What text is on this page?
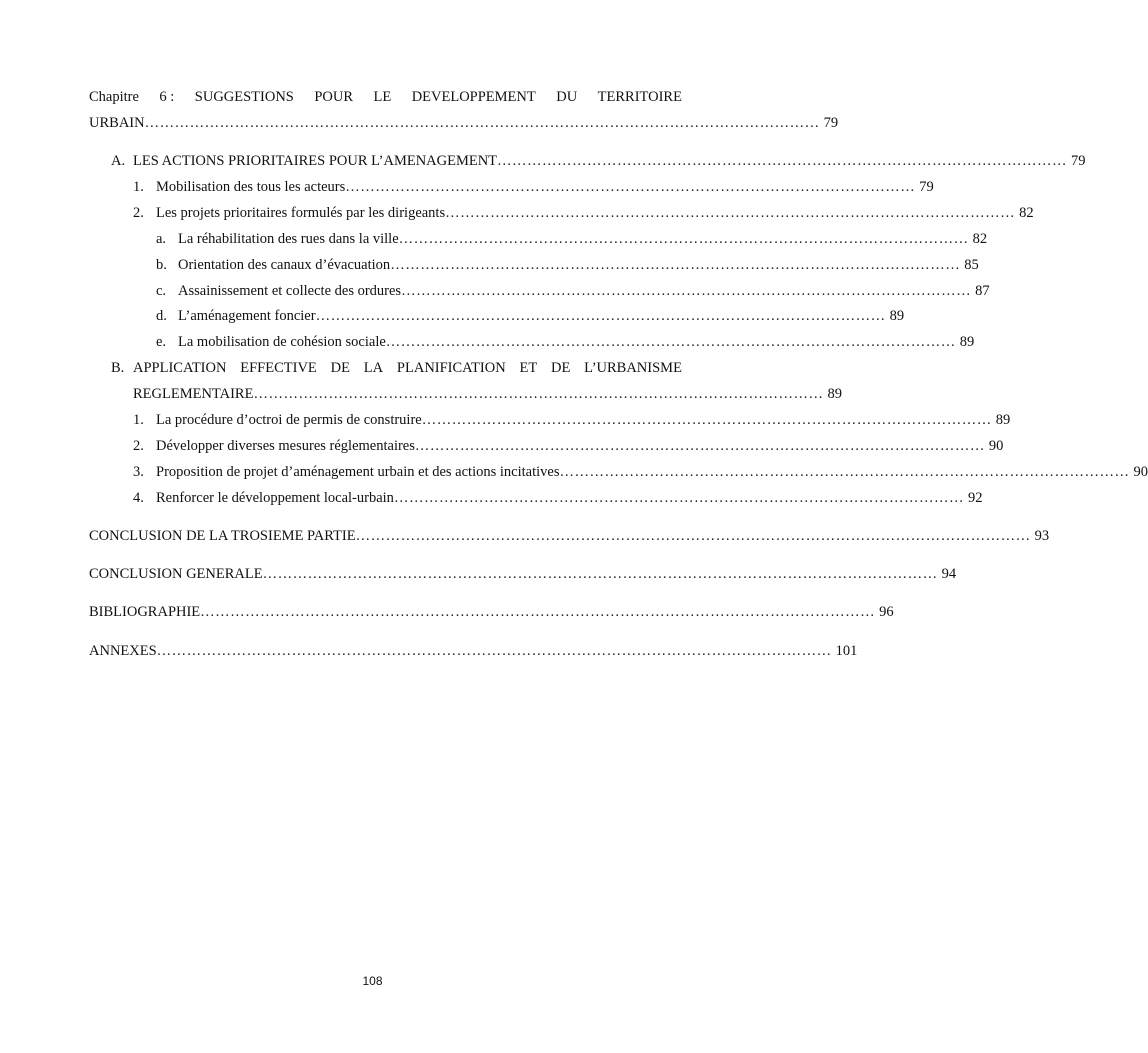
Chapitre 6 : SUGGESTIONS POUR LE DEVELOPPEMENT DU TERRITOIRE
URBAIN ……………………………………………………………………………………………………………………… 79
A. LES ACTIONS PRIORITAIRES POUR L’AMENAGEMENT …………………………………………………………………………………………………… 79
1. Mobilisation des tous les acteurs …………………………………………………………………………………………………… 79
2. Les projets prioritaires formulés par les dirigeants …………………………………………………………………………………………………… 82
a. La réhabilitation des rues dans la ville …………………………………………………………………………………………………… 82
b. Orientation des canaux d’évacuation …………………………………………………………………………………………………… 85
c. Assainissement et collecte des ordures …………………………………………………………………………………………………… 87
d. L’aménagement foncier …………………………………………………………………………………………………… 89
e. La mobilisation de cohésion sociale …………………………………………………………………………………………………… 89
B. APPLICATION EFFECTIVE DE LA PLANIFICATION ET DE L’URBANISME
REGLEMENTAIRE …………………………………………………………………………………………………… 89
1. La procédure d’octroi de permis de construire …………………………………………………………………………………………………… 89
2. Développer diverses mesures réglementaires …………………………………………………………………………………………………… 90
3. Proposition de projet d’aménagement urbain et des actions incitatives …………………………………………………………………………………………………… 90
4. Renforcer le développement local-urbain …………………………………………………………………………………………………… 92
CONCLUSION DE LA TROSIEME PARTIE ……………………………………………………………………………………………………………………… 93
CONCLUSION GENERALE ……………………………………………………………………………………………………………………… 94
BIBLIOGRAPHIE ……………………………………………………………………………………………………………………… 96
ANNEXES ……………………………………………………………………………………………………………………… 101
108
